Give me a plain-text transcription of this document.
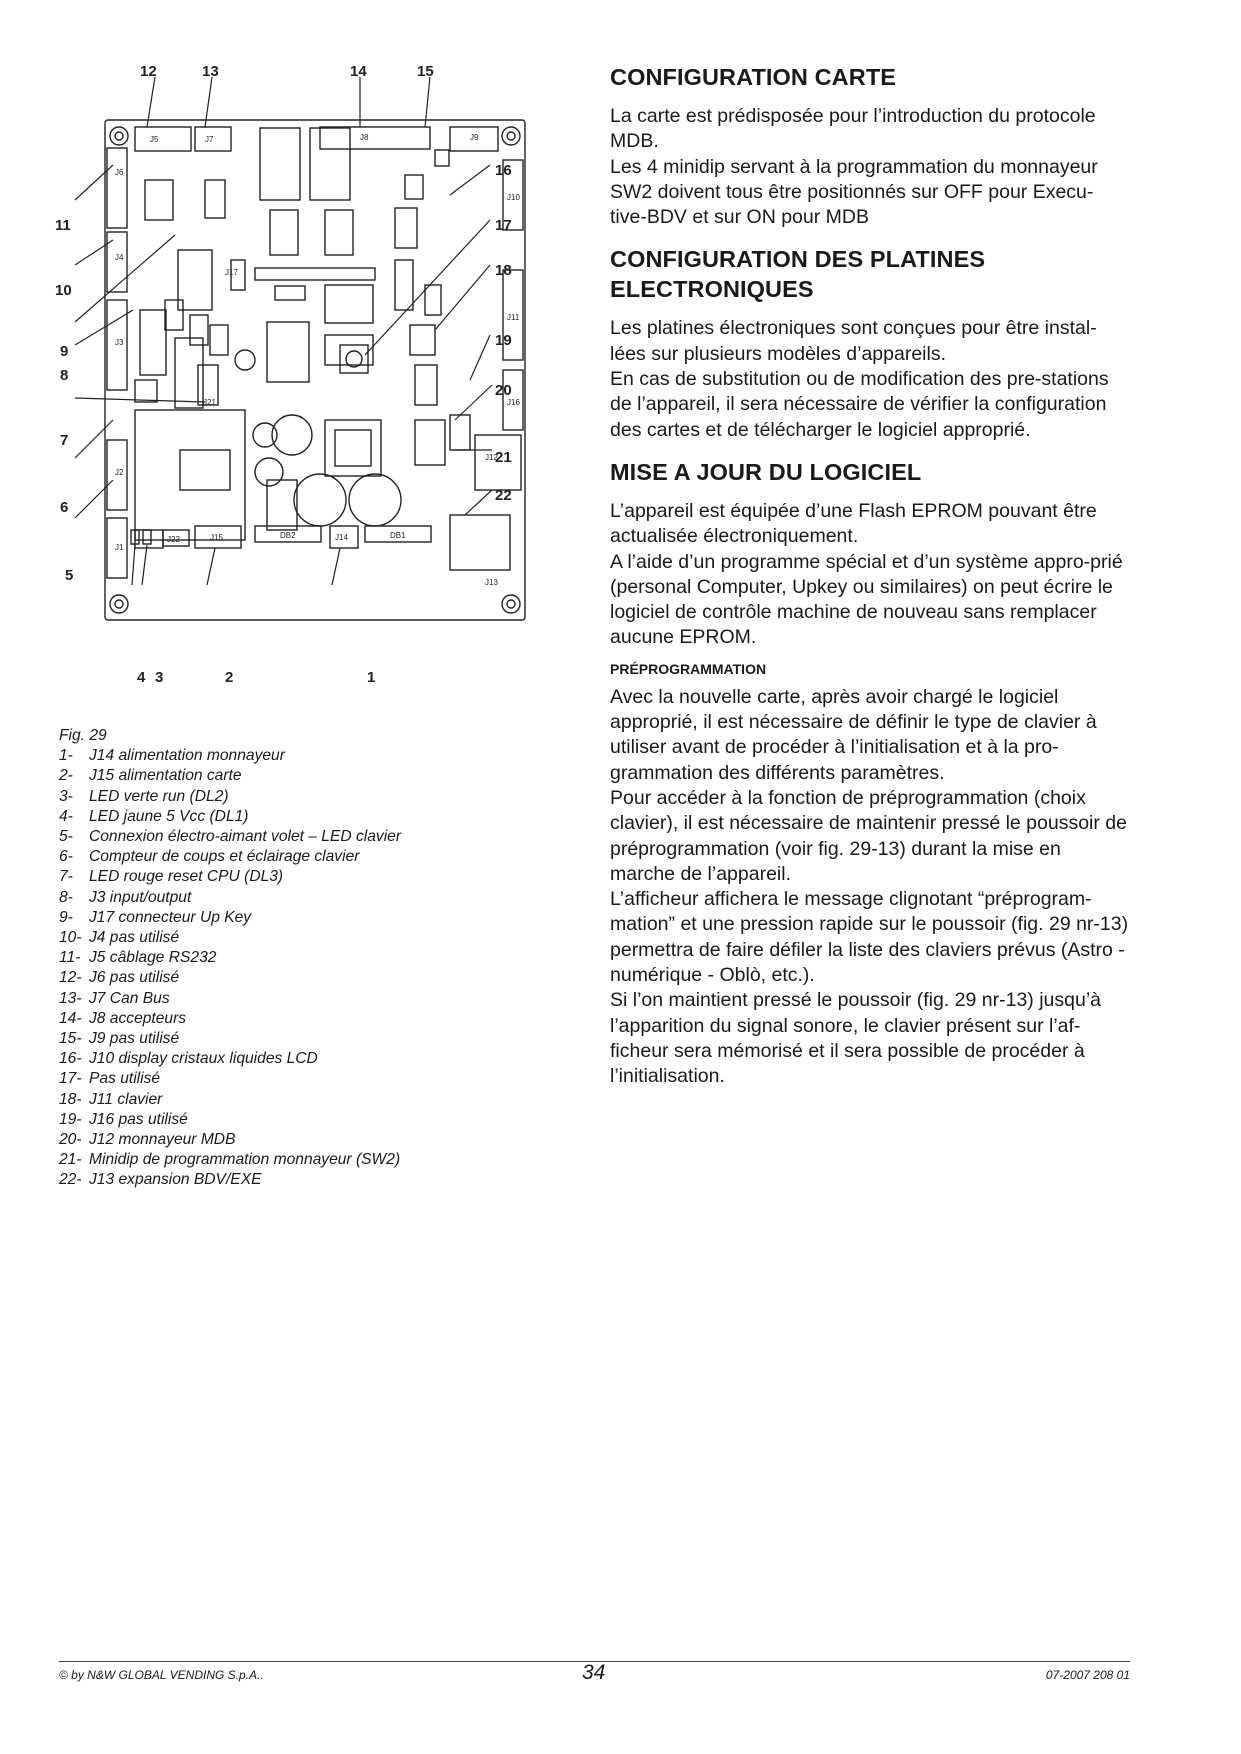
J5	J7	J8	J9
J6
J4
J3
J17
J10
J11
J16
J12
J2
J1
J21
J22	J15	DB2	J14	DB1
J13
12	13	14	15
16
17
18
19
20
21
22
11
10
9
8
7
6
5
4 3	2	1
Fig. 29
1-	J14 alimentation monnayeur
2-	J15 alimentation carte
3-	LED verte run (DL2)
4-	LED jaune 5 Vcc (DL1)
5-	Connexion électro-aimant volet – LED clavier
6-	Compteur de coups et éclairage clavier
7-	LED rouge reset CPU (DL3)
8-	J3 input/output
9-	J17 connecteur Up Key
10- J4 pas utilisé
11- J5 câblage RS232
12- J6 pas utilisé
13- J7 Can Bus
14- J8 accepteurs
15- J9 pas utilisé
16- J10 display cristaux liquides LCD
17- Pas utilisé
18- J11 clavier
19- J16 pas utilisé
20- J12 monnayeur MDB
21- Minidip de programmation monnayeur (SW2)
22- J13 expansion BDV/EXE
CONFIGURATION CARTE

La carte est prédisposée pour l’introduction du protocole MDB.

Les 4 minidip servant à la programmation du monnayeur SW2 doivent tous être positionnés sur OFF pour Execu-tive-BDV et sur ON pour MDB

CONFIGURATION DES PLATINES ELECTRONIQUES

Les platines électroniques sont conçues pour être instal-lées sur plusieurs modèles d’appareils.

En cas de substitution ou de modification des pre-stations de l’appareil, il sera nécessaire de vérifier la configuration des cartes et de télécharger le logiciel approprié.

MISE A JOUR DU LOGICIEL

L’appareil est équipée d’une Flash EPROM pouvant être actualisée électroniquement.

A l’aide d’un programme spécial et d’un système appro-prié (personal Computer, Upkey ou similaires) on peut écrire le logiciel de contrôle machine de nouveau sans remplacer aucune EPROM.

PRÉPROGRAMMATION

Avec la nouvelle carte, après avoir chargé le logiciel approprié, il est nécessaire de définir le type de clavier à utiliser avant de procéder à l’initialisation et à la pro-grammation des différents paramètres.

Pour accéder à la fonction de préprogrammation (choix clavier), il est nécessaire de maintenir pressé le poussoir de préprogrammation (voir fig. 29-13) durant la mise en marche de l’appareil.

L’afficheur affichera le message clignotant “préprogram-mation” et une pression rapide sur le poussoir (fig. 29 nr-13) permettra de faire défiler la liste des claviers prévus (Astro - numérique - Oblò, etc.).

Si l’on maintient pressé le poussoir (fig. 29 nr-13) jusqu’à l’apparition du signal sonore, le clavier présent sur l’af-ficheur sera mémorisé et il sera possible de procéder à l’initialisation.

© by N&W GLOBAL VENDING S.p.A..	34	07-2007 208 01
